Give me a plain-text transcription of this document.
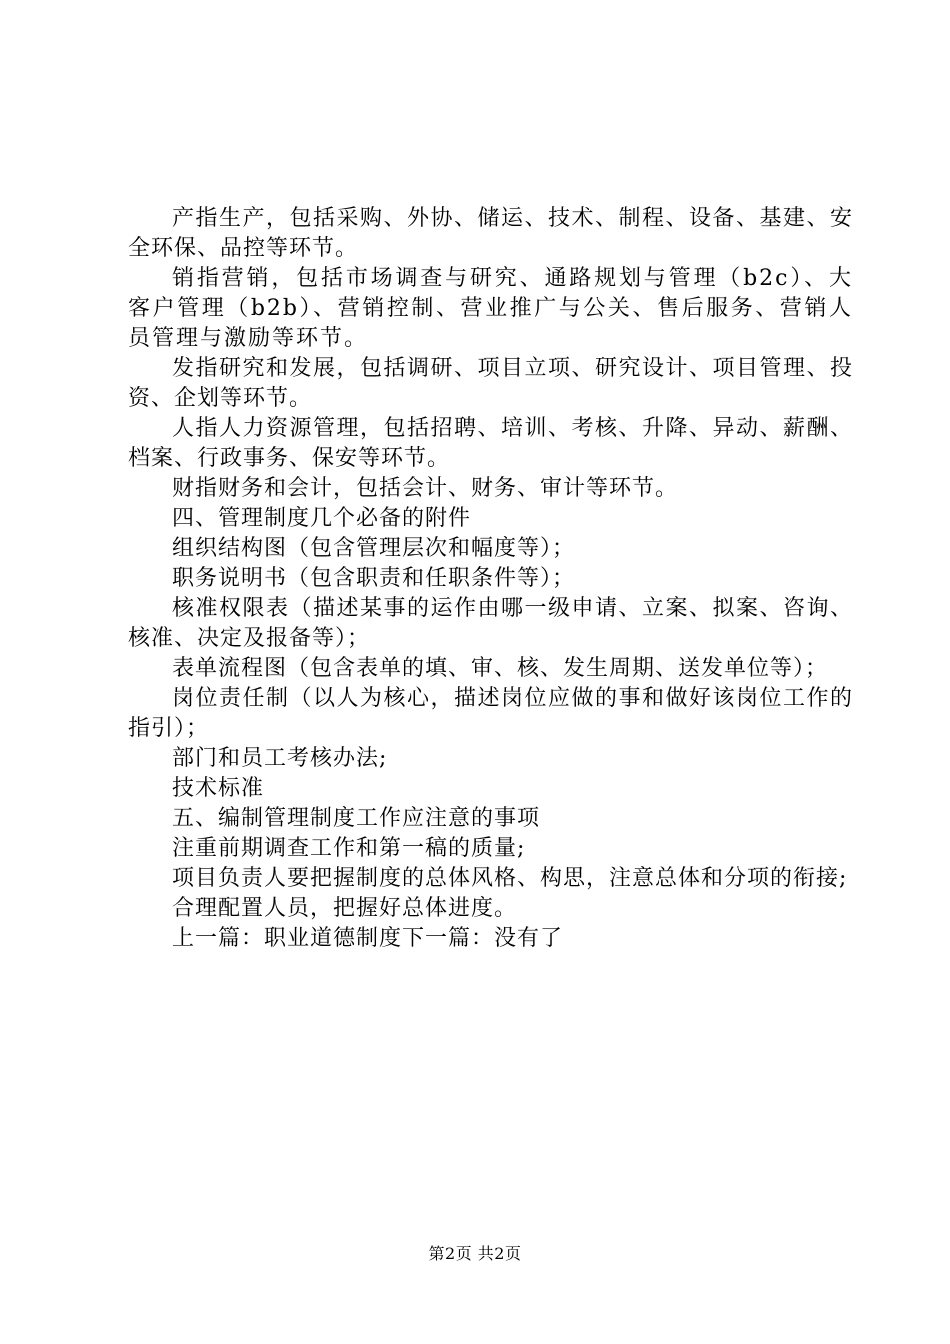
产指生产，包括采购、外协、储运、技术、制程、设备、基建、安全环保、品控等环节。

销指营销，包括市场调查与研究、通路规划与管理（b2c）、大客户管理（b2b）、营销控制、营业推广与公关、售后服务、营销人员管理与激励等环节。

发指研究和发展，包括调研、项目立项、研究设计、项目管理、投资、企划等环节。

人指人力资源管理，包括招聘、培训、考核、升降、异动、薪酬、档案、行政事务、保安等环节。

财指财务和会计，包括会计、财务、审计等环节。

四、管理制度几个必备的附件

组织结构图（包含管理层次和幅度等）；

职务说明书（包含职责和任职条件等）；

核准权限表（描述某事的运作由哪一级申请、立案、拟案、咨询、核准、决定及报备等）；

表单流程图（包含表单的填、审、核、发生周期、送发单位等）；

岗位责任制（以人为核心，描述岗位应做的事和做好该岗位工作的指引）；

部门和员工考核办法;

技术标准

五、编制管理制度工作应注意的事项

注重前期调查工作和第一稿的质量;

项目负责人要把握制度的总体风格、构思，注意总体和分项的衔接;

合理配置人员，把握好总体进度。

上一篇：职业道德制度下一篇：没有了

第2页 共2页
